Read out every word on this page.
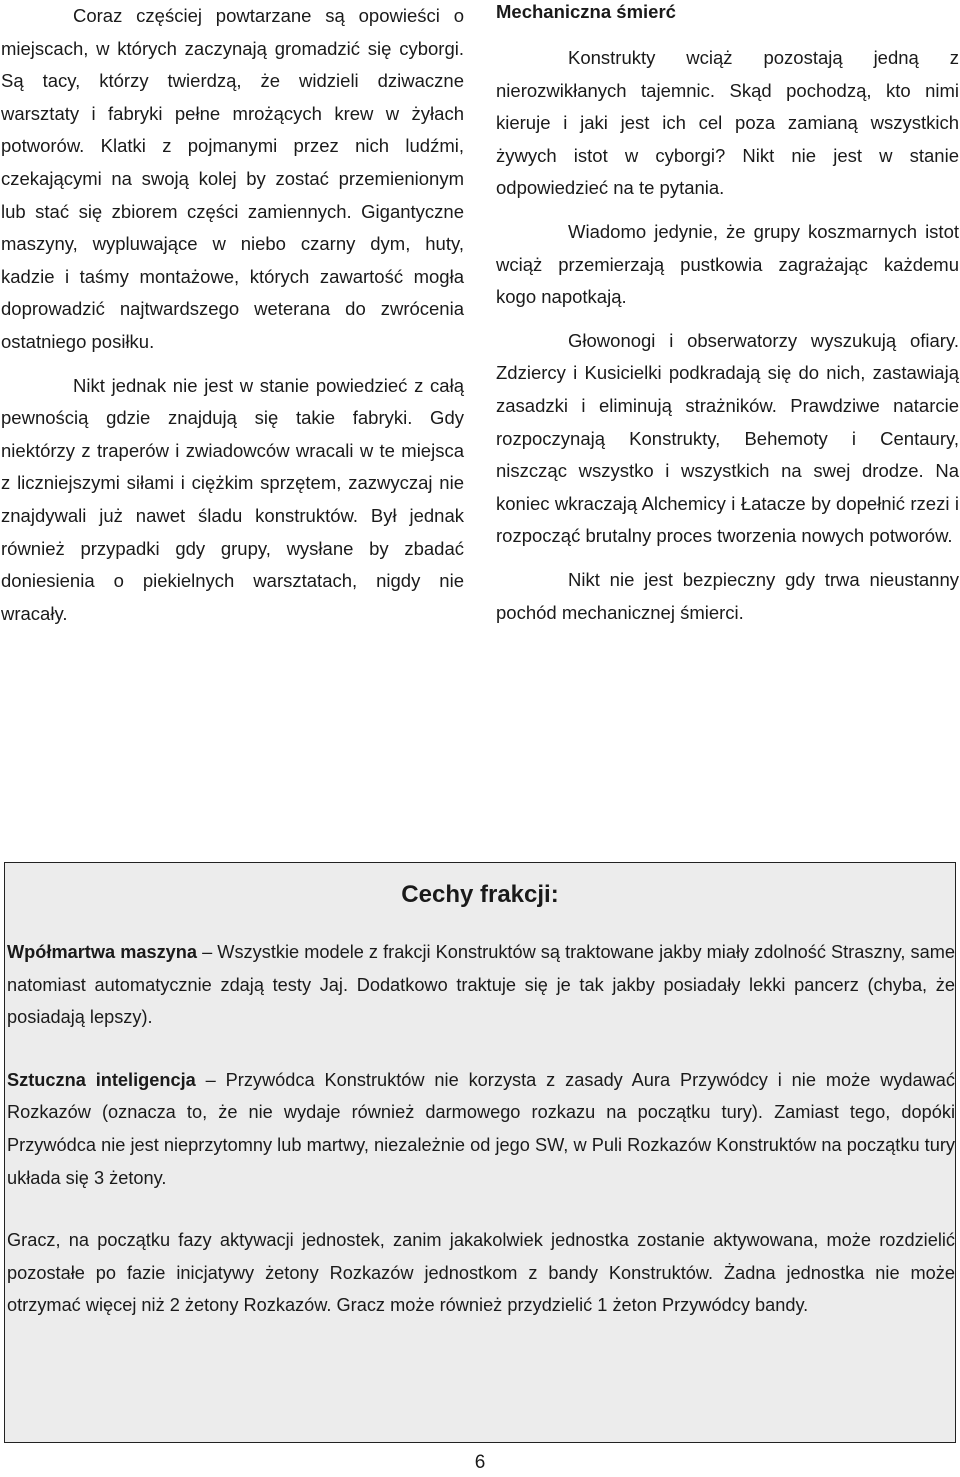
Coraz częściej powtarzane są opowieści o miejscach, w których zaczynają gromadzić się cyborgi. Są tacy, którzy twierdzą, że widzieli dziwaczne warsztaty i fabryki pełne mrożących krew w żyłach potworów. Klatki z pojmanymi przez nich ludźmi, czekającymi na swoją kolej by zostać przemienionym lub stać się zbiorem części zamiennych. Gigantyczne maszyny, wypluwające w niebo czarny dym, huty, kadzie i taśmy montażowe, których zawartość mogła doprowadzić najtwardszego weterana do zwrócenia ostatniego posiłku.

Nikt jednak nie jest w stanie powiedzieć z całą pewnością gdzie znajdują się takie fabryki. Gdy niektórzy z traperów i zwiadowców wracali w te miejsca z liczniejszymi siłami i ciężkim sprzętem, zazwyczaj nie znajdywali już nawet śladu konstruktów. Był jednak również przypadki gdy grupy, wysłane by zbadać doniesienia o piekielnych warsztatach, nigdy nie wracały.

Mechaniczna śmierć

Konstrukty wciąż pozostają jedną z nierozwikłanych tajemnic. Skąd pochodzą, kto nimi kieruje i jaki jest ich cel poza zamianą wszystkich żywych istot w cyborgi? Nikt nie jest w stanie odpowiedzieć na te pytania.

Wiadomo jedynie, że grupy koszmarnych istot wciąż przemierzają pustkowia zagrażając każdemu kogo napotkają.

Głowonogi i obserwatorzy wyszukują ofiary. Zdziercy i Kusicielki podkradają się do nich, zastawiają zasadzki i eliminują strażników. Prawdziwe natarcie rozpoczynają Konstrukty, Behemoty i Centaury, niszcząc wszystko i wszystkich na swej drodze. Na koniec wkraczają Alchemicy i Łatacze by dopełnić rzezi i rozpocząć brutalny proces tworzenia nowych potworów.

Nikt nie jest bezpieczny gdy trwa nieustanny pochód mechanicznej śmierci.

Cechy frakcji:

Wpółmartwa maszyna – Wszystkie modele z frakcji Konstruktów są traktowane jakby miały zdolność Straszny, same natomiast automatycznie zdają testy Jaj. Dodatkowo traktuje się je tak jakby posiadały lekki pancerz (chyba, że posiadają lepszy).

Sztuczna inteligencja – Przywódca Konstruktów nie korzysta z zasady Aura Przywódcy i nie może wydawać Rozkazów (oznacza to, że nie wydaje również darmowego rozkazu na początku tury). Zamiast tego, dopóki Przywódca nie jest nieprzytomny lub martwy, niezależnie od jego SW, w Puli Rozkazów Konstruktów na początku tury układa się 3 żetony.

Gracz, na początku fazy aktywacji jednostek, zanim jakakolwiek jednostka zostanie aktywowana, może rozdzielić pozostałe po fazie inicjatywy żetony Rozkazów jednostkom z bandy Konstruktów. Żadna jednostka nie może otrzymać więcej niż 2 żetony Rozkazów. Gracz może również przydzielić 1 żeton Przywódcy bandy.

6
